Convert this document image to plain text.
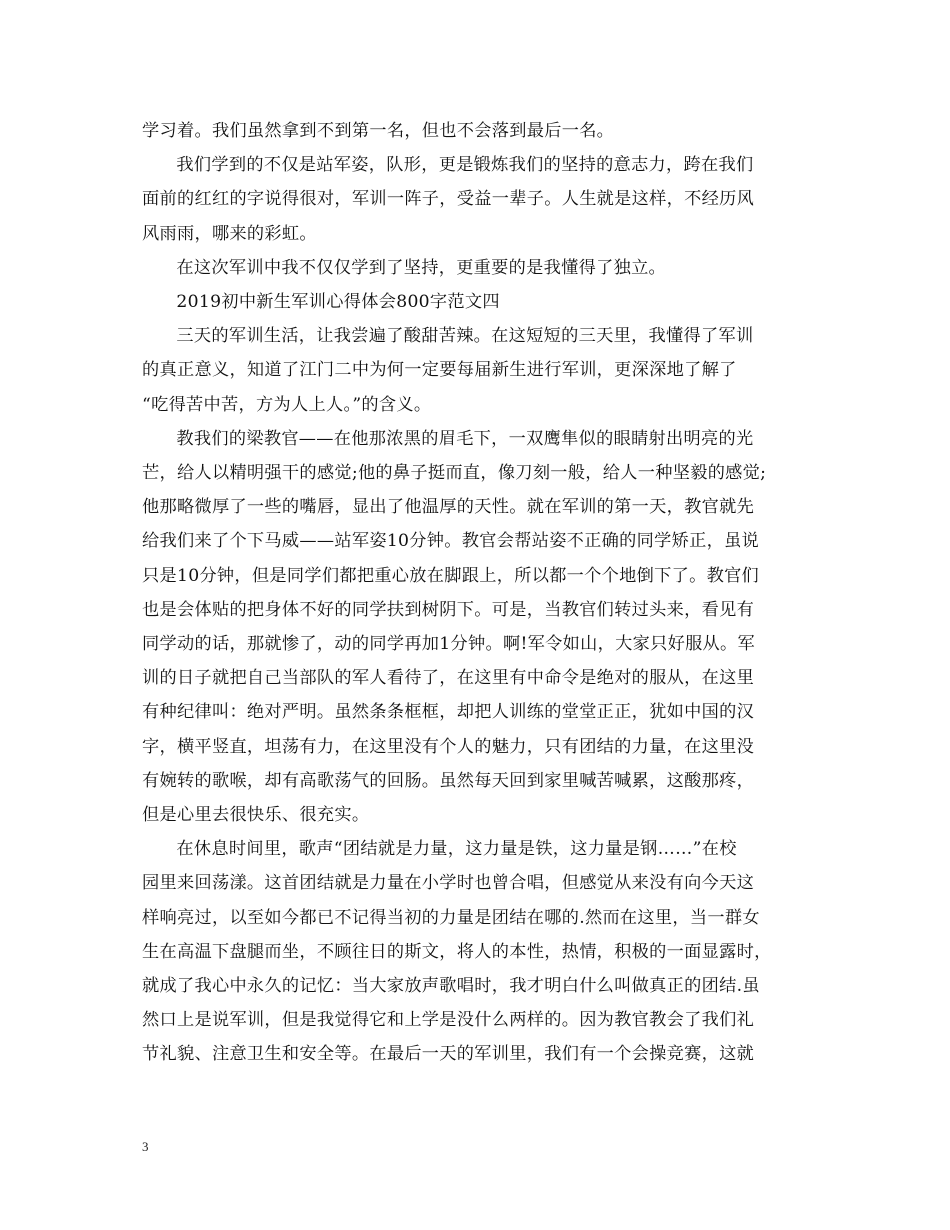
学习着。我们虽然拿到不到第一名，但也不会落到最后一名。

我们学到的不仅是站军姿，队形，更是锻炼我们的坚持的意志力，跨在我们
面前的红红的字说得很对，军训一阵子，受益一辈子。人生就是这样，不经历风
风雨雨，哪来的彩虹。

在这次军训中我不仅仅学到了坚持，更重要的是我懂得了独立。

2019初中新生军训心得体会800字范文四

三天的军训生活，让我尝遍了酸甜苦辣。在这短短的三天里，我懂得了军训
的真正意义，知道了江门二中为何一定要每届新生进行军训，更深深地了解了
“吃得苦中苦，方为人上人。”的含义。

教我们的梁教官——在他那浓黑的眉毛下，一双鹰隼似的眼睛射出明亮的光
芒，给人以精明强干的感觉;他的鼻子挺而直，像刀刻一般，给人一种坚毅的感觉;
他那略微厚了一些的嘴唇，显出了他温厚的天性。就在军训的第一天，教官就先
给我们来了个下马威——站军姿10分钟。教官会帮站姿不正确的同学矫正，虽说
只是10分钟，但是同学们都把重心放在脚跟上，所以都一个个地倒下了。教官们
也是会体贴的把身体不好的同学扶到树阴下。可是，当教官们转过头来，看见有
同学动的话，那就惨了，动的同学再加1分钟。啊!军令如山，大家只好服从。军
训的日子就把自己当部队的军人看待了，在这里有中命令是绝对的服从，在这里
有种纪律叫：绝对严明。虽然条条框框，却把人训练的堂堂正正，犹如中国的汉
字，横平竖直，坦荡有力，在这里没有个人的魅力，只有团结的力量，在这里没
有婉转的歌喉，却有高歌荡气的回肠。虽然每天回到家里喊苦喊累，这酸那疼，
但是心里去很快乐、很充实。

在休息时间里，歌声“团结就是力量，这力量是铁，这力量是钢……”在校
园里来回荡漾。这首团结就是力量在小学时也曾合唱，但感觉从来没有向今天这
样响亮过，以至如今都已不记得当初的力量是团结在哪的.然而在这里，当一群女
生在高温下盘腿而坐，不顾往日的斯文，将人的本性，热情，积极的一面显露时，
就成了我心中永久的记忆：当大家放声歌唱时，我才明白什么叫做真正的团结.虽
然口上是说军训，但是我觉得它和上学是没什么两样的。因为教官教会了我们礼
节礼貌、注意卫生和安全等。在最后一天的军训里，我们有一个会操竞赛，这就

3
